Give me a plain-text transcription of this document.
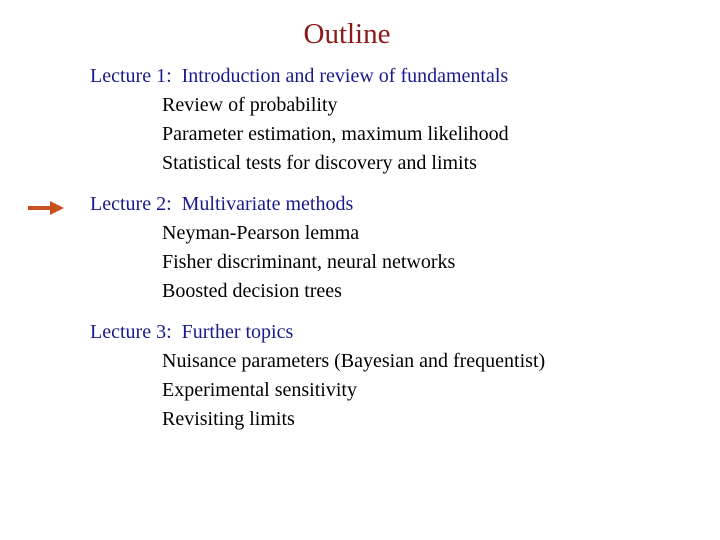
Outline
Lecture 1:  Introduction and review of fundamentals
Review of probability
Parameter estimation, maximum likelihood
Statistical tests for discovery and limits
Lecture 2:  Multivariate methods
Neyman-Pearson lemma
Fisher discriminant, neural networks
Boosted decision trees
Lecture 3:  Further topics
Nuisance parameters (Bayesian and frequentist)
Experimental sensitivity
Revisiting limits
